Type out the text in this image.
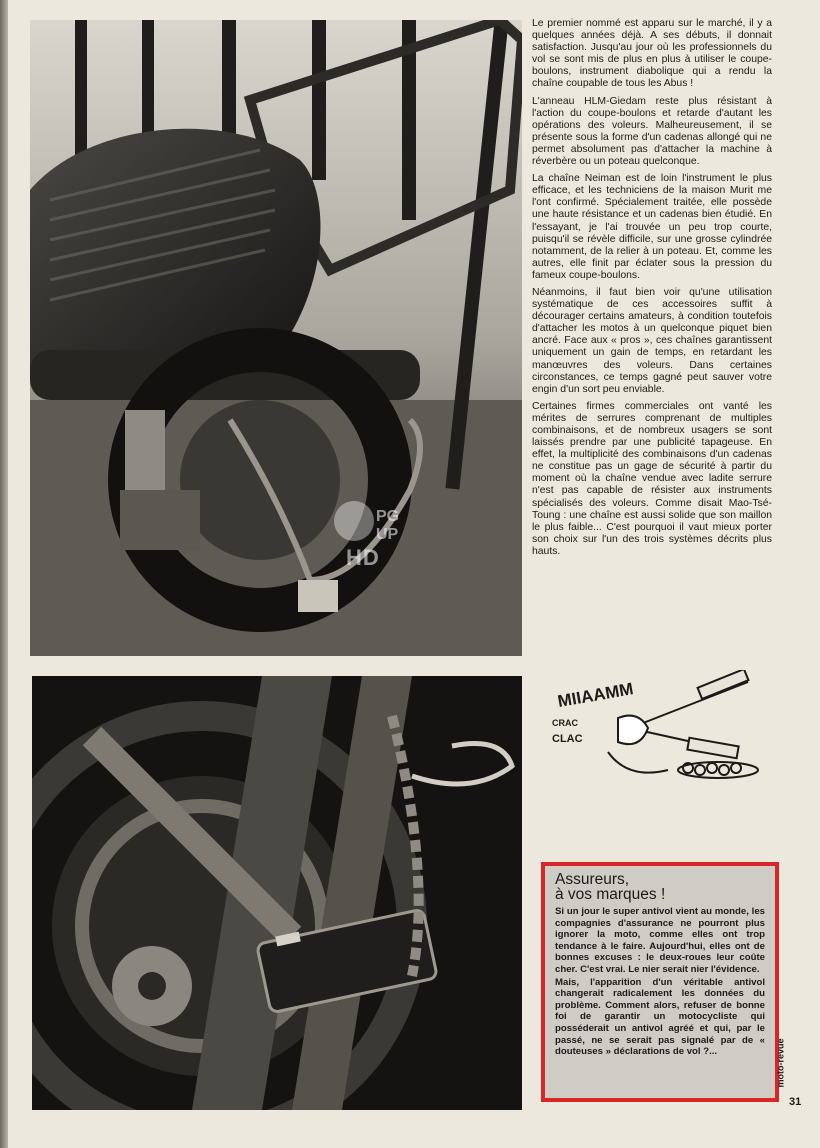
PG
UP
HD

Le premier nommé est apparu sur le marché, il y a quelques années déjà. A ses débuts, il donnait satisfaction. Jusqu'au jour où les professionnels du vol se sont mis de plus en plus à utiliser le coupe-boulons, instrument diabolique qui a rendu la chaîne coupable de tous les Abus !

L'anneau HLM-Giedam reste plus résistant à l'action du coupe-boulons et retarde d'autant les opérations des voleurs. Malheureusement, il se présente sous la forme d'un cadenas allongé qui ne permet absolument pas d'attacher la machine à réverbère ou un poteau quelconque.

La chaîne Neiman est de loin l'instrument le plus efficace, et les techniciens de la maison Murit me l'ont confirmé. Spécialement traitée, elle possède une haute résistance et un cadenas bien étudié. En l'essayant, je l'ai trouvée un peu trop courte, puisqu'il se révèle difficile, sur une grosse cylindrée notamment, de la relier à un poteau. Et, comme les autres, elle finit par éclater sous la pression du fameux coupe-boulons.

Néanmoins, il faut bien voir qu'une utilisation systématique de ces accessoires suffit à décourager certains amateurs, à condition toutefois d'attacher les motos à un quelconque piquet bien ancré. Face aux « pros », ces chaînes garantissent uniquement un gain de temps, en retardant les manœuvres des voleurs. Dans certaines circonstances, ce temps gagné peut sauver votre engin d'un sort peu enviable.

Certaines firmes commerciales ont vanté les mérites de serrures comprenant de multiples combinaisons, et de nombreux usagers se sont laissés prendre par une publicité tapageuse. En effet, la multiplicité des combinaisons d'un cadenas ne constitue pas un gage de sécurité à partir du moment où la chaîne vendue avec ladite serrure n'est pas capable de résister aux instruments spécialisés des voleurs. Comme disait Mao-Tsé-Toung : une chaîne est aussi solide que son maillon le plus faible... C'est pourquoi il vaut mieux porter son choix sur l'un des trois systèmes décrits plus hauts.

MIIAAMM
CRAC
CLAC
Assureurs,
à vos marques !

Si un jour le super antivol vient au monde, les compagnies d'assurance ne pourront plus ignorer la moto, comme elles ont trop tendance à le faire. Aujourd'hui, elles ont de bonnes excuses : le deux-roues leur coûte cher. C'est vrai. Le nier serait nier l'évidence.

Mais, l'apparition d'un véritable antivol changerait radicalement les données du problème. Comment alors, refuser de bonne foi de garantir un motocycliste qui posséderait un antivol agréé et qui, par le passé, ne se serait pas signalé par de « douteuses » déclarations de vol ?...	moto-revue
31
